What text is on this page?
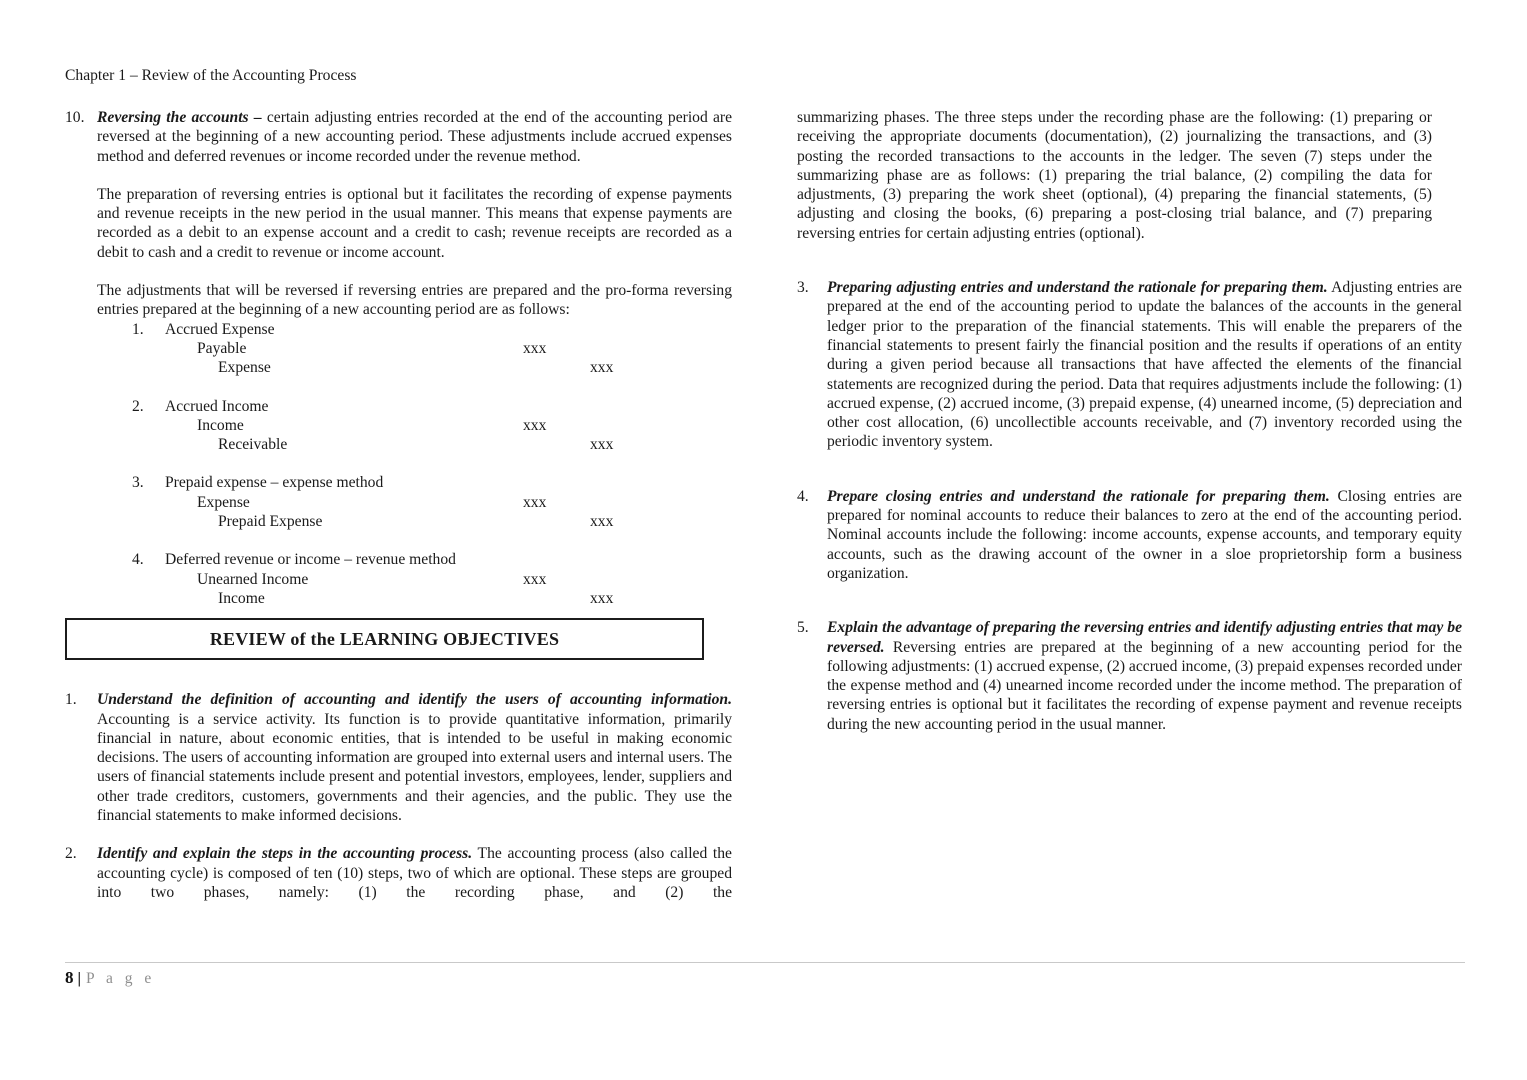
Chapter 1 – Review of the Accounting Process
10. Reversing the accounts – certain adjusting entries recorded at the end of the accounting period are reversed at the beginning of a new accounting period. These adjustments include accrued expenses method and deferred revenues or income recorded under the revenue method.

The preparation of reversing entries is optional but it facilitates the recording of expense payments and revenue receipts in the new period in the usual manner. This means that expense payments are recorded as a debit to an expense account and a credit to cash; revenue receipts are recorded as a debit to cash and a credit to revenue or income account.

The adjustments that will be reversed if reversing entries are prepared and the pro-forma reversing entries prepared at the beginning of a new accounting period are as follows:

1.	Accrued Expense
Payable	xxx
Expense	xxx
2.	Accrued Income
Income	xxx
Receivable	xxx
3.	Prepaid expense – expense method
Expense	xxx
Prepaid Expense	xxx
4.	Deferred revenue or income – revenue method
Unearned Income	xxx
Income	xxx
REVIEW of the LEARNING OBJECTIVES
1.	Understand the definition of accounting and identify the users of accounting information. Accounting is a service activity. Its function is to provide quantitative information, primarily financial in nature, about economic entities, that is intended to be useful in making economic decisions. The users of accounting information are grouped into external users and internal users. The users of financial statements include present and potential investors, employees, lender, suppliers and other trade creditors, customers, governments and their agencies, and the public. They use the financial statements to make informed decisions.

2.	Identify and explain the steps in the accounting process. The accounting process (also called the accounting cycle) is composed of ten (10) steps, two of which are optional. These steps are grouped into two phases, namely: (1) the recording phase, and (2) the

summarizing phases. The three steps under the recording phase are the following: (1) preparing or receiving the appropriate documents (documentation), (2) journalizing the transactions, and (3) posting the recorded transactions to the accounts in the ledger. The seven (7) steps under the summarizing phase are as follows: (1) preparing the trial balance, (2) compiling the data for adjustments, (3) preparing the work sheet (optional), (4) preparing the financial statements, (5) adjusting and closing the books, (6) preparing a post-closing trial balance, and (7) preparing reversing entries for certain adjusting entries (optional).

3.	Preparing adjusting entries and understand the rationale for preparing them. Adjusting entries are prepared at the end of the accounting period to update the balances of the accounts in the general ledger prior to the preparation of the financial statements. This will enable the preparers of the financial statements to present fairly the financial position and the results if operations of an entity during a given period because all transactions that have affected the elements of the financial statements are recognized during the period. Data that requires adjustments include the following: (1) accrued expense, (2) accrued income, (3) prepaid expense, (4) unearned income, (5) depreciation and other cost allocation, (6) uncollectible accounts receivable, and (7) inventory recorded using the periodic inventory system.

4.	Prepare closing entries and understand the rationale for preparing them. Closing entries are prepared for nominal accounts to reduce their balances to zero at the end of the accounting period. Nominal accounts include the following: income accounts, expense accounts, and temporary equity accounts, such as the drawing account of the owner in a sloe proprietorship form a business organization.

5.	Explain the advantage of preparing the reversing entries and identify adjusting entries that may be reversed. Reversing entries are prepared at the beginning of a new accounting period for the following adjustments: (1) accrued expense, (2) accrued income, (3) prepaid expenses recorded under the expense method and (4) unearned income recorded under the income method. The preparation of reversing entries is optional but it facilitates the recording of expense payment and revenue receipts during the new accounting period in the usual manner.

8 | P a g e
